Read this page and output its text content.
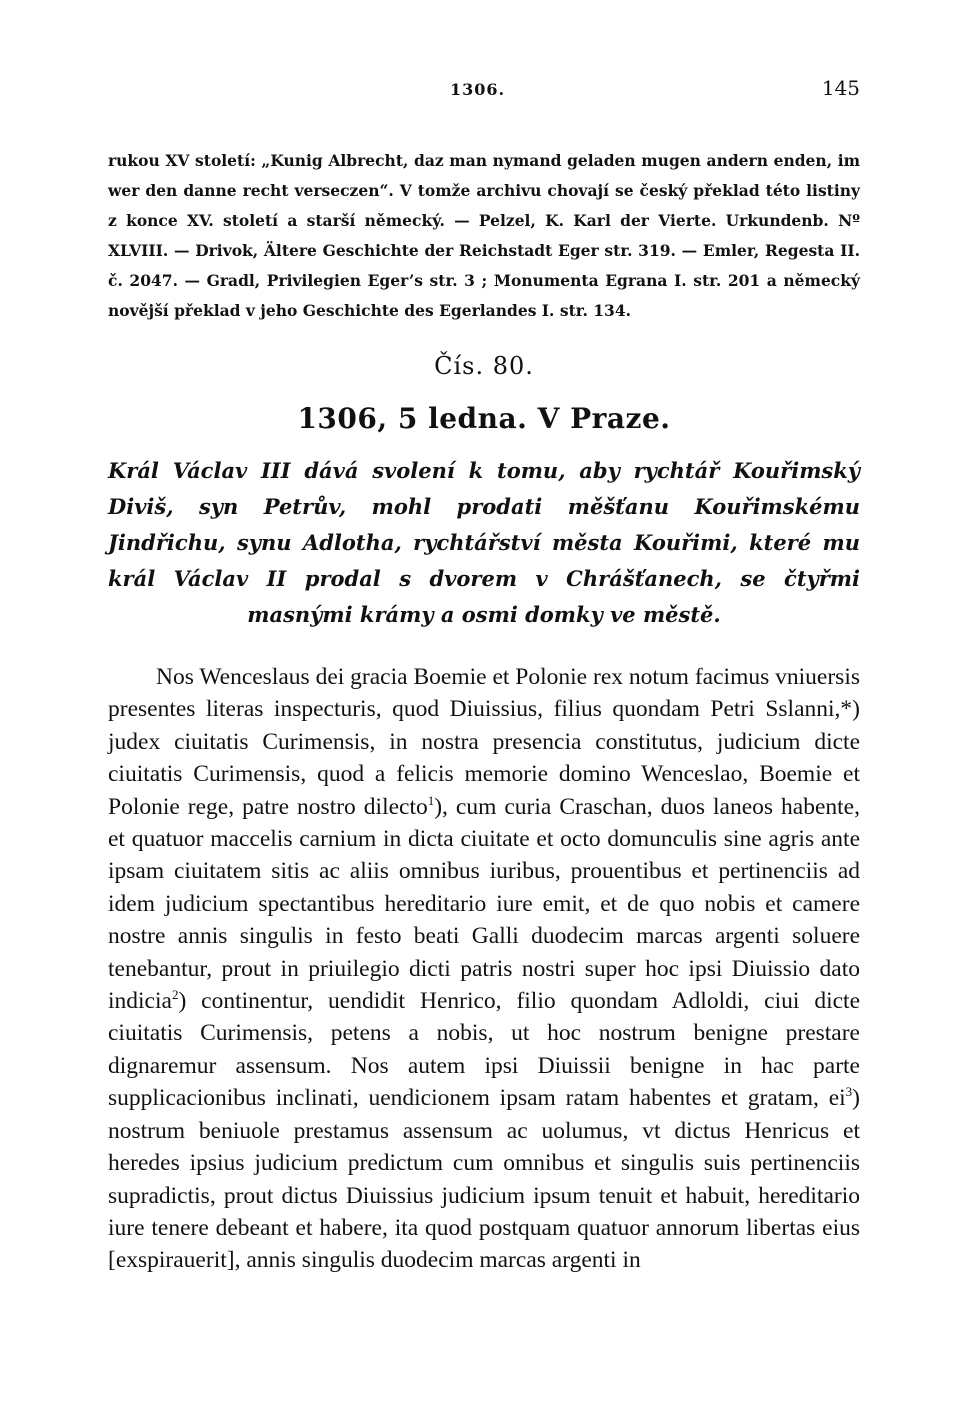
1306.	145

rukou XV století: „Kunig Albrecht, daz man nymand geladen mugen andern enden, im wer den danne recht verseczen“. V tomže archivu chovají se český překlad této listiny z konce XV. století a starší německý. — Pelzel, K. Karl der Vierte. Urkundenb. Nº XLVIII. — Drivok, Ältere Geschichte der Reichstadt Eger str. 319. — Emler, Regesta II. č. 2047. — Gradl, Privilegien Eger’s str. 3 ; Monumenta Egrana I. str. 201 a německý novější překlad v jeho Geschichte des Egerlandes I. str. 134.

Čís. 80.
1306, 5 ledna. V Praze.

Král Václav III dává svolení k tomu, aby rychtář Kouřimský Diviš, syn Petrův, mohl prodati měšťanu Kouřimskému Jindřichu, synu Adlotha, rychtářství města Kouřimi, které mu král Václav II prodal s dvorem v Chrášťanech, se čtyřmi masnými krámy a osmi domky ve městě.

Nos Wenceslaus dei gracia Boemie et Polonie rex notum facimus vniuersis presentes literas inspecturis, quod Diuissius, filius quondam Petri Sslanni,*) judex ciuitatis Curimensis, in nostra presencia constitutus, judicium dicte ciuitatis Curimensis, quod a felicis memorie domino Wenceslao, Boemie et Polonie rege, patre nostro dilecto$^1$), cum curia Craschan, duos laneos habente, et quatuor maccelis carnium in dicta ciuitate et octo domunculis sine agris ante ipsam ciuitatem sitis ac aliis omnibus iuribus, prouentibus et pertinenciis ad idem judicium spectantibus hereditario iure emit, et de quo nobis et camere nostre annis singulis in festo beati Galli duodecim marcas argenti soluere tenebantur, prout in priuilegio dicti patris nostri super hoc ipsi Diuissio dato indicia$^2$) continentur, uendidit Henrico, filio quondam Adloldi, ciui dicte ciuitatis Curimensis, petens a nobis, ut hoc nostrum benigne prestare dignaremur assensum. Nos autem ipsi Diuissii benigne in hac parte supplicacionibus inclinati, uendicionem ipsam ratam habentes et gratam, $ei^3$) nostrum beniuole prestamus assensum ac uolumus, vt dictus Henricus et heredes ipsius judicium predictum cum omnibus et singulis suis pertinenciis supradictis, prout dictus Diuissius judicium ipsum tenuit et habuit, hereditario iure tenere debeant et habere, ita quod postquam quatuor annorum libertas eius [exspirauerit], annis singulis duodecim marcas argenti in
